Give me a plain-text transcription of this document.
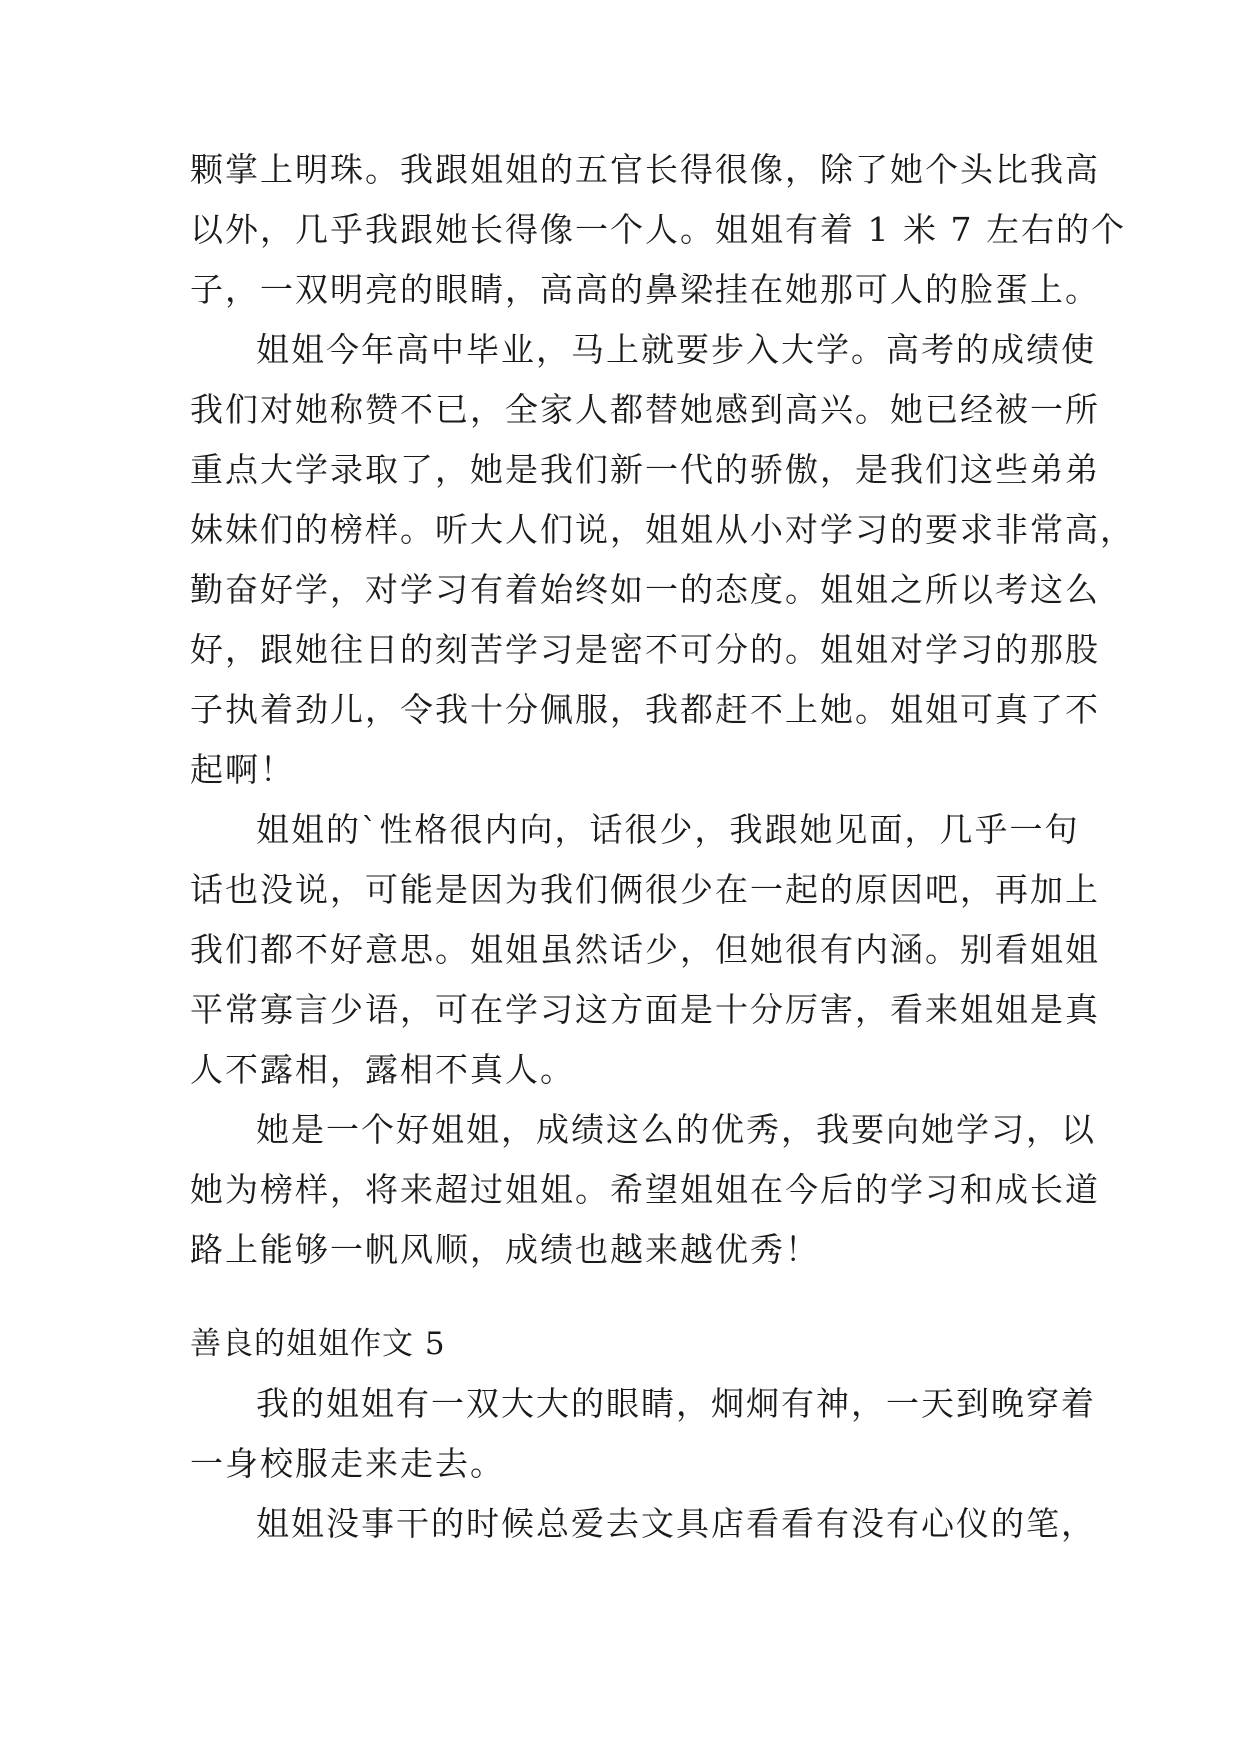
颗掌上明珠。我跟姐姐的五官长得很像，除了她个头比我高
以外，几乎我跟她长得像一个人。姐姐有着 1 米 7 左右的个
子，一双明亮的眼睛，高高的鼻梁挂在她那可人的脸蛋上。
姐姐今年高中毕业，马上就要步入大学。高考的成绩使
我们对她称赞不已，全家人都替她感到高兴。她已经被一所
重点大学录取了，她是我们新一代的骄傲，是我们这些弟弟
妹妹们的榜样。听大人们说，姐姐从小对学习的要求非常高，
勤奋好学，对学习有着始终如一的态度。姐姐之所以考这么
好，跟她往日的刻苦学习是密不可分的。姐姐对学习的那股
子执着劲儿，令我十分佩服，我都赶不上她。姐姐可真了不
起啊！
姐姐的`性格很内向，话很少，我跟她见面，几乎一句
话也没说，可能是因为我们俩很少在一起的原因吧，再加上
我们都不好意思。姐姐虽然话少，但她很有内涵。别看姐姐
平常寡言少语，可在学习这方面是十分厉害，看来姐姐是真
人不露相，露相不真人。
她是一个好姐姐，成绩这么的优秀，我要向她学习，以
她为榜样，将来超过姐姐。希望姐姐在今后的学习和成长道
路上能够一帆风顺，成绩也越来越优秀！
善良的姐姐作文 5
我的姐姐有一双大大的眼睛，炯炯有神，一天到晚穿着
一身校服走来走去。
姐姐没事干的时候总爱去文具店看看有没有心仪的笔，
